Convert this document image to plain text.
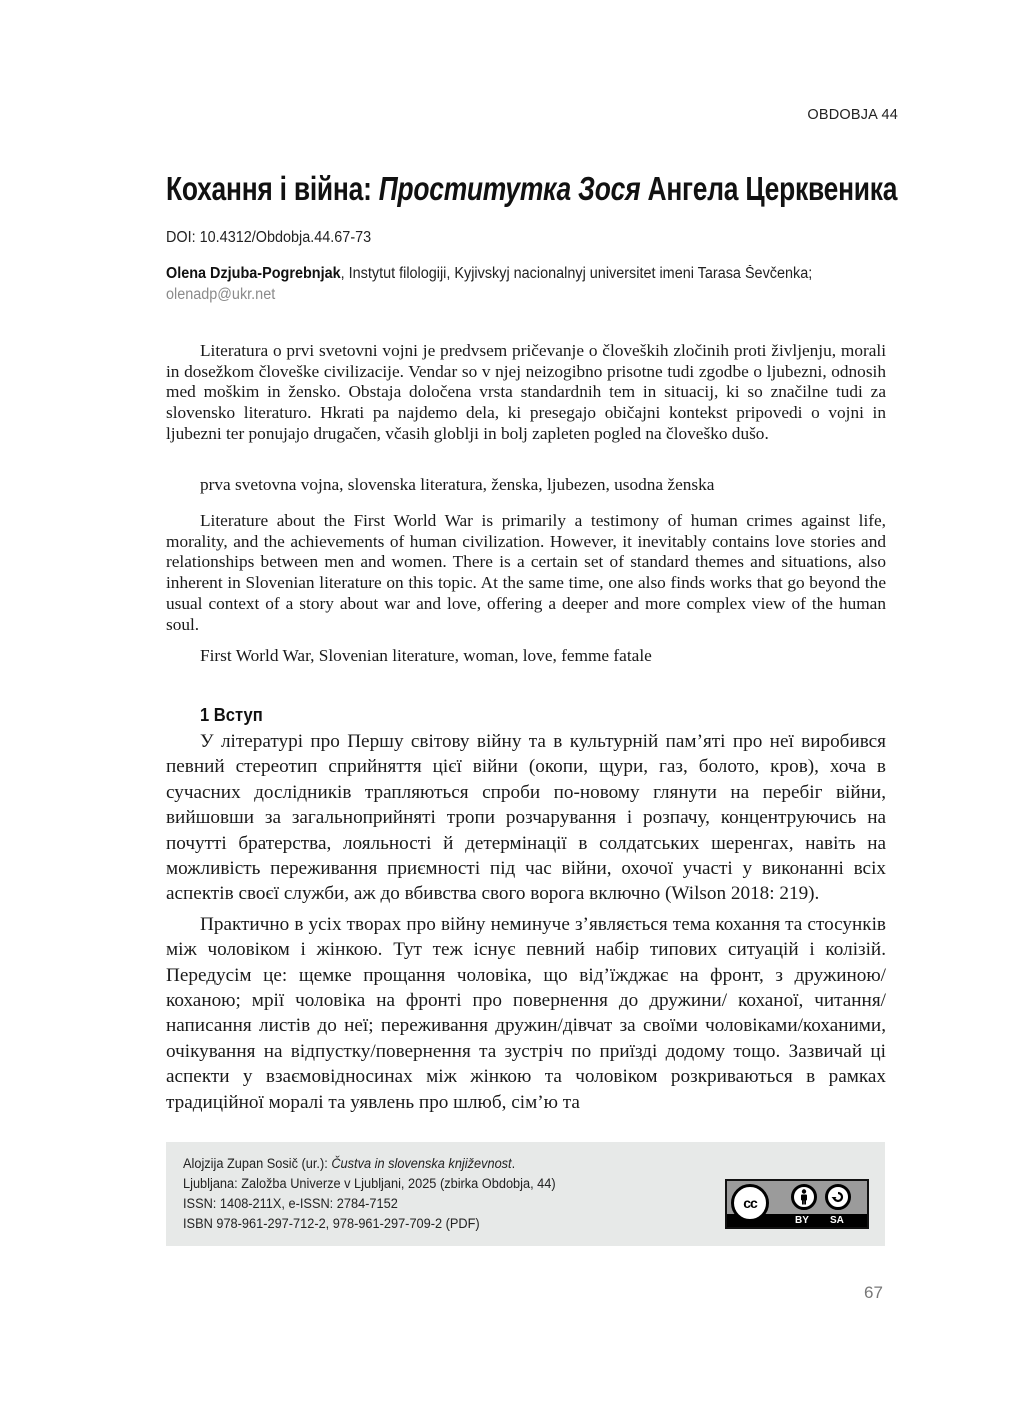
OBDOBJA 44
Кохання і війна: Проститутка Зося Ангела Церквеника
DOI: 10.4312/Obdobja.44.67-73
Olena Dzjuba-Pogrebnjak, Instytut filologiji, Kyjivskyj nacionalnyj universitet imeni Tarasa Ševčenka; olenadp@ukr.net

Literatura o prvi svetovni vojni je predvsem pričevanje o človeških zločinih proti življenju, morali in dosežkom človeške civilizacije. Vendar so v njej neizogibno prisotne tudi zgodbe o ljubezni, odnosih med moškim in žensko. Obstaja določena vrsta standardnih tem in situacij, ki so značilne tudi za slovensko literaturo. Hkrati pa najdemo dela, ki presegajo običajni kontekst pripovedi o vojni in ljubezni ter ponujajo drugačen, včasih globlji in bolj zapleten pogled na človeško dušo.

prva svetovna vojna, slovenska literatura, ženska, ljubezen, usodna ženska

Literature about the First World War is primarily a testimony of human crimes against life, morality, and the achievements of human civilization. However, it inevitably contains love stories and relationships between men and women. There is a certain set of standard themes and situations, also inherent in Slovenian literature on this topic. At the same time, one also finds works that go beyond the usual context of a story about war and love, offering a deeper and more complex view of the human soul.

First World War, Slovenian literature, woman, love, femme fatale

1 Вступ

У літературі про Першу світову війну та в культурній пам’яті про неї виробився певний стереотип сприйняття цієї війни (окопи, щури, газ, болото, кров), хоча в сучасних дослідників трапляються спроби по-новому глянути на перебіг війни, вийшовши за загальноприйняті тропи розчарування і розпачу, концентруючись на почутті братерства, лояльності й детермінації в солдатських шеренгах, навіть на можливість переживання приємності під час війни, охочої участі у виконанні всіх аспектів своєї служби, аж до вбивства свого ворога включно (Wilson 2018: 219).

Практично в усіх творах про війну неминуче з’являється тема кохання та стосунків між чоловіком і жінкою. Тут теж існує певний набір типових ситуацій і колізій. Передусім це: щемке прощання чоловіка, що від’їжджає на фронт, з дружиною/коханою; мрії чоловіка на фронті про повернення до дружини/ коханої, читання/написання листів до неї; переживання дружин/дівчат за своїми чоловіками/коханими, очікування на відпустку/повернення та зустріч по приїзді додому тощо. Зазвичай ці аспекти у взаємовідносинах між жінкою та чоловіком розкриваються в рамках традиційної моралі та уявлень про шлюб, сім’ю та

Alojzija Zupan Sosič (ur.): Čustva in slovenska književnost.
Ljubljana: Založba Univerze v Ljubljani, 2025 (zbirka Obdobja, 44)
ISSN: 1408-211X, e-ISSN: 2784-7152
ISBN 978-961-297-712-2, 978-961-297-709-2 (PDF)
cc
BY SA
67
